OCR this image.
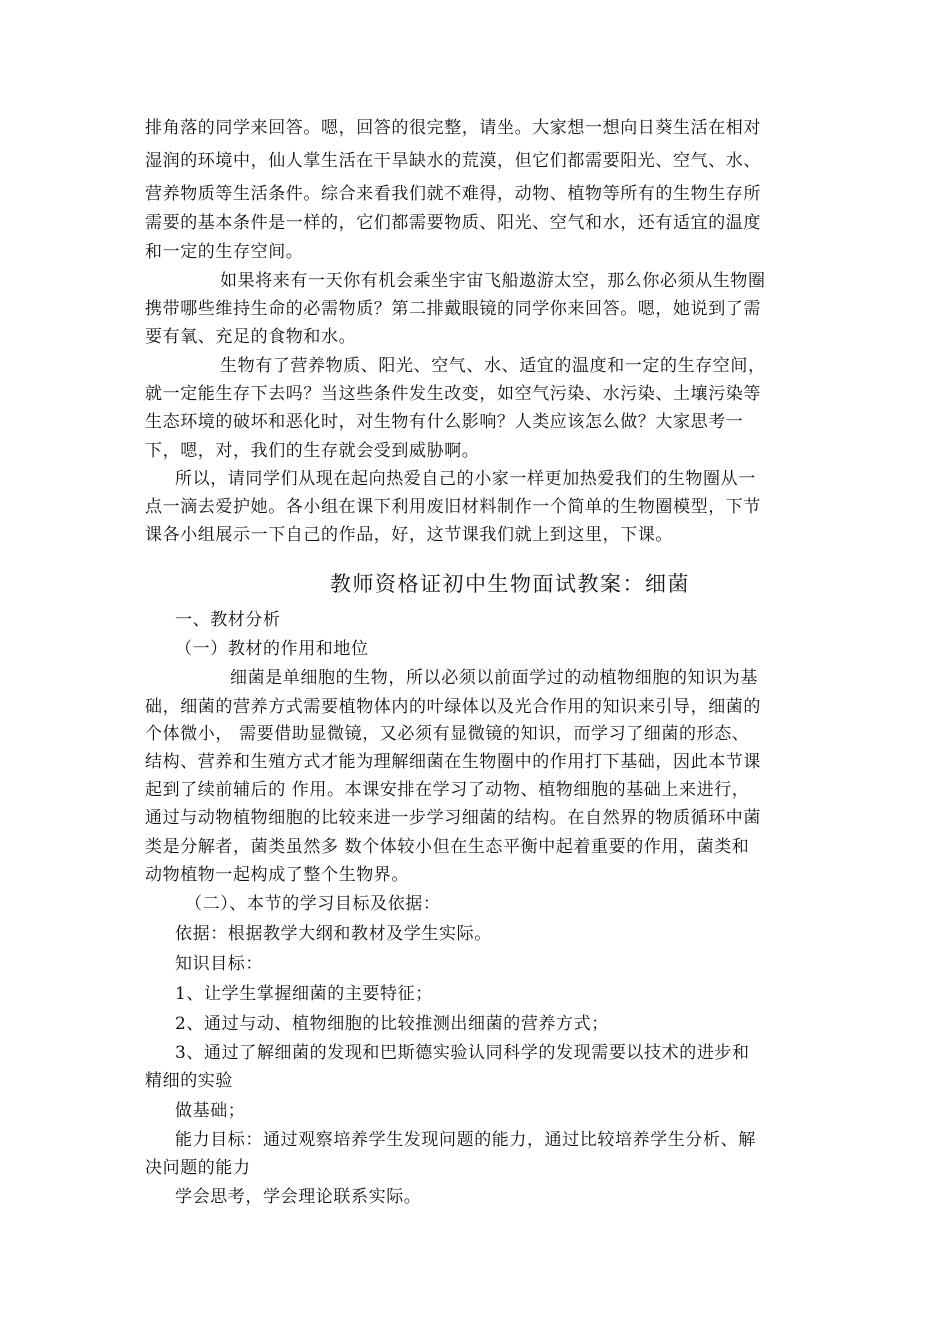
排角落的同学来回答。嗯，回答的很完整，请坐。大家想一想向日葵生活在相对
湿润的环境中，仙人掌生活在干旱缺水的荒漠，但它们都需要阳光、空气、水、
营养物质等生活条件。综合来看我们就不难得，动物、植物等所有的生物生存所
需要的基本条件是一样的，它们都需要物质、阳光、空气和水，还有适宜的温度
和一定的生存空间。
如果将来有一天你有机会乘坐宇宙飞船遨游太空，那么你必须从生物圈
携带哪些维持生命的必需物质？第二排戴眼镜的同学你来回答。嗯，她说到了需
要有氧、充足的食物和水。
生物有了营养物质、阳光、空气、水、适宜的温度和一定的生存空间，
就一定能生存下去吗？当这些条件发生改变，如空气污染、水污染、土壤污染等
生态环境的破坏和恶化时，对生物有什么影响？人类应该怎么做？大家思考一
下，嗯，对，我们的生存就会受到威胁啊。
所以，请同学们从现在起向热爱自己的小家一样更加热爱我们的生物圈从一
点一滴去爱护她。各小组在课下利用废旧材料制作一个简单的生物圈模型，下节
课各小组展示一下自己的作品，好，这节课我们就上到这里，下课。
教师资格证初中生物面试教案：细菌
一、教材分析
（一）教材的作用和地位
细菌是单细胞的生物，所以必须以前面学过的动植物细胞的知识为基
础，细菌的营养方式需要植物体内的叶绿体以及光合作用的知识来引导，细菌的
个体微小， 需要借助显微镜，又必须有显微镜的知识，而学习了细菌的形态、
结构、营养和生殖方式才能为理解细菌在生物圈中的作用打下基础，因此本节课
起到了续前辅后的 作用。本课安排在学习了动物、植物细胞的基础上来进行，
通过与动物植物细胞的比较来进一步学习细菌的结构。在自然界的物质循环中菌
类是分解者，菌类虽然多 数个体较小但在生态平衡中起着重要的作用，菌类和
动物植物一起构成了整个生物界。
（二）、本节的学习目标及依据：
依据：根据教学大纲和教材及学生实际。
知识目标：
1、让学生掌握细菌的主要特征；
2、通过与动、植物细胞的比较推测出细菌的营养方式；
3、通过了解细菌的发现和巴斯德实验认同科学的发现需要以技术的进步和
精细的实验
做基础；
能力目标：通过观察培养学生发现问题的能力，通过比较培养学生分析、解
决问题的能力
学会思考，学会理论联系实际。
